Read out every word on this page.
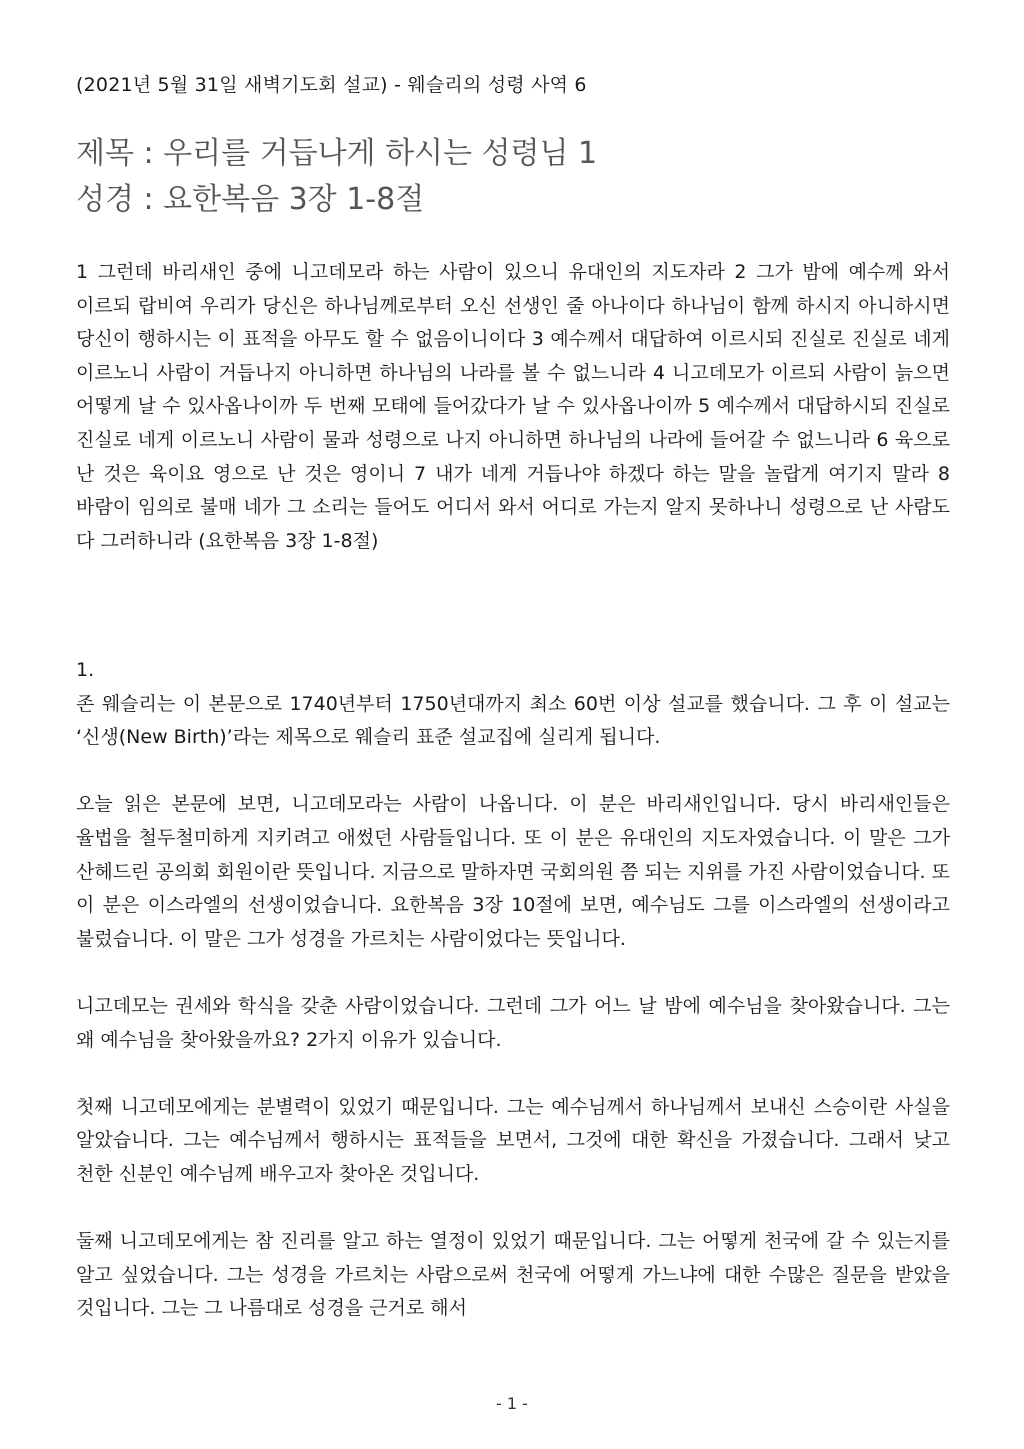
(2021년 5월 31일 새벽기도회 설교) - 웨슬리의 성령 사역 6
제목 : 우리를 거듭나게 하시는 성령님 1
성경 : 요한복음 3장 1-8절
1 그런데 바리새인 중에 니고데모라 하는 사람이 있으니 유대인의 지도자라 2 그가 밤에 예수께 와서 이르되 랍비여 우리가 당신은 하나님께로부터 오신 선생인 줄 아나이다 하나님이 함께 하시지 아니하시면 당신이 행하시는 이 표적을 아무도 할 수 없음이니이다 3 예수께서 대답하여 이르시되 진실로 진실로 네게 이르노니 사람이 거듭나지 아니하면 하나님의 나라를 볼 수 없느니라 4 니고데모가 이르되 사람이 늙으면 어떻게 날 수 있사옵나이까 두 번째 모태에 들어갔다가 날 수 있사옵나이까 5 예수께서 대답하시되 진실로 진실로 네게 이르노니 사람이 물과 성령으로 나지 아니하면 하나님의 나라에 들어갈 수 없느니라 6 육으로 난 것은 육이요 영으로 난 것은 영이니 7 내가 네게 거듭나야 하겠다 하는 말을 놀랍게 여기지 말라 8 바람이 임의로 불매 네가 그 소리는 들어도 어디서 와서 어디로 가는지 알지 못하나니 성령으로 난 사람도 다 그러하니라 (요한복음 3장 1-8절)

1.

존 웨슬리는 이 본문으로 1740년부터 1750년대까지 최소 60번 이상 설교를 했습니다. 그 후 이 설교는 ‘신생(New Birth)’라는 제목으로 웨슬리 표준 설교집에 실리게 됩니다.

오늘 읽은 본문에 보면, 니고데모라는 사람이 나옵니다. 이 분은 바리새인입니다. 당시 바리새인들은 율법을 철두철미하게 지키려고 애썼던 사람들입니다. 또 이 분은 유대인의 지도자였습니다. 이 말은 그가 산헤드린 공의회 회원이란 뜻입니다. 지금으로 말하자면 국회의원 쯤 되는 지위를 가진 사람이었습니다. 또 이 분은 이스라엘의 선생이었습니다. 요한복음 3장 10절에 보면, 예수님도 그를 이스라엘의 선생이라고 불렀습니다. 이 말은 그가 성경을 가르치는 사람이었다는 뜻입니다.

니고데모는 권세와 학식을 갖춘 사람이었습니다. 그런데 그가 어느 날 밤에 예수님을 찾아왔습니다. 그는 왜 예수님을 찾아왔을까요? 2가지 이유가 있습니다.

첫째 니고데모에게는 분별력이 있었기 때문입니다. 그는 예수님께서 하나님께서 보내신 스승이란 사실을 알았습니다. 그는 예수님께서 행하시는 표적들을 보면서, 그것에 대한 확신을 가졌습니다. 그래서 낮고 천한 신분인 예수님께 배우고자 찾아온 것입니다.

둘째 니고데모에게는 참 진리를 알고 하는 열정이 있었기 때문입니다. 그는 어떻게 천국에 갈 수 있는지를 알고 싶었습니다. 그는 성경을 가르치는 사람으로써 천국에 어떻게 가느냐에 대한 수많은 질문을 받았을 것입니다. 그는 그 나름대로 성경을 근거로 해서

- 1 -
